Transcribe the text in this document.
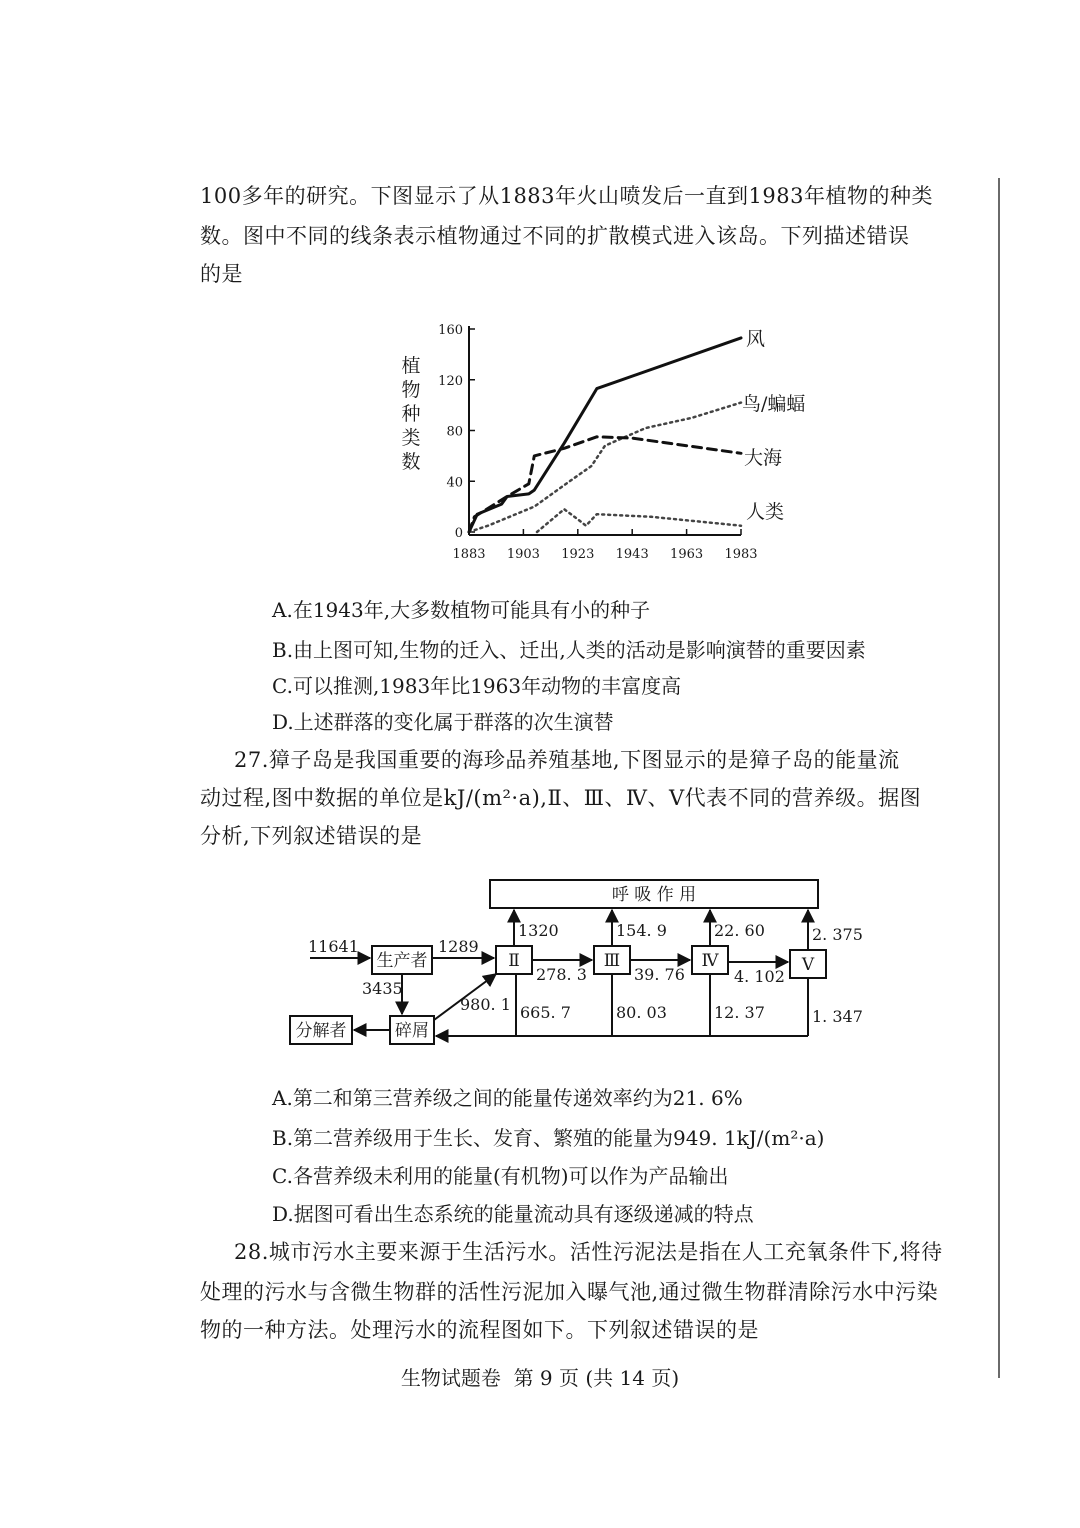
100多年的研究。下图显示了从1883年火山喷发后一直到1983年植物的种类
数。图中不同的线条表示植物通过不同的扩散模式进入该岛。下列描述错误
的是
0
40
80
120
160
1883 1903 1923 1943 1963 1983
植
物
种
类
数
风
鸟/蝙蝠
大海
人类
A.在1943年,大多数植物可能具有小的种子
B.由上图可知,生物的迁入、迁出,人类的活动是影响演替的重要因素
C.可以推测,1983年比1963年动物的丰富度高
D.上述群落的变化属于群落的次生演替
27.獐子岛是我国重要的海珍品养殖基地,下图显示的是獐子岛的能量流
动过程,图中数据的单位是kJ/(m²·a),Ⅱ、Ⅲ、Ⅳ、Ⅴ代表不同的营养级。据图
分析,下列叙述错误的是
呼 吸 作 用
生产者	Ⅱ	Ⅲ	Ⅳ	Ⅴ
碎屑
分解者
11641	1289
3435
980. 1
1320	154. 9	22. 60	2. 375
278. 3	39. 76	4. 102
665. 7	80. 03	12. 37	1. 347
A.第二和第三营养级之间的能量传递效率约为21. 6%
B.第二营养级用于生长、发育、繁殖的能量为949. 1kJ/(m²·a)
C.各营养级未利用的能量(有机物)可以作为产品输出
D.据图可看出生态系统的能量流动具有逐级递减的特点
28.城市污水主要来源于生活污水。活性污泥法是指在人工充氧条件下,将待
处理的污水与含微生物群的活性污泥加入曝气池,通过微生物群清除污水中污染
物的一种方法。处理污水的流程图如下。下列叙述错误的是
生物试题卷  第 9 页 (共 14 页)
